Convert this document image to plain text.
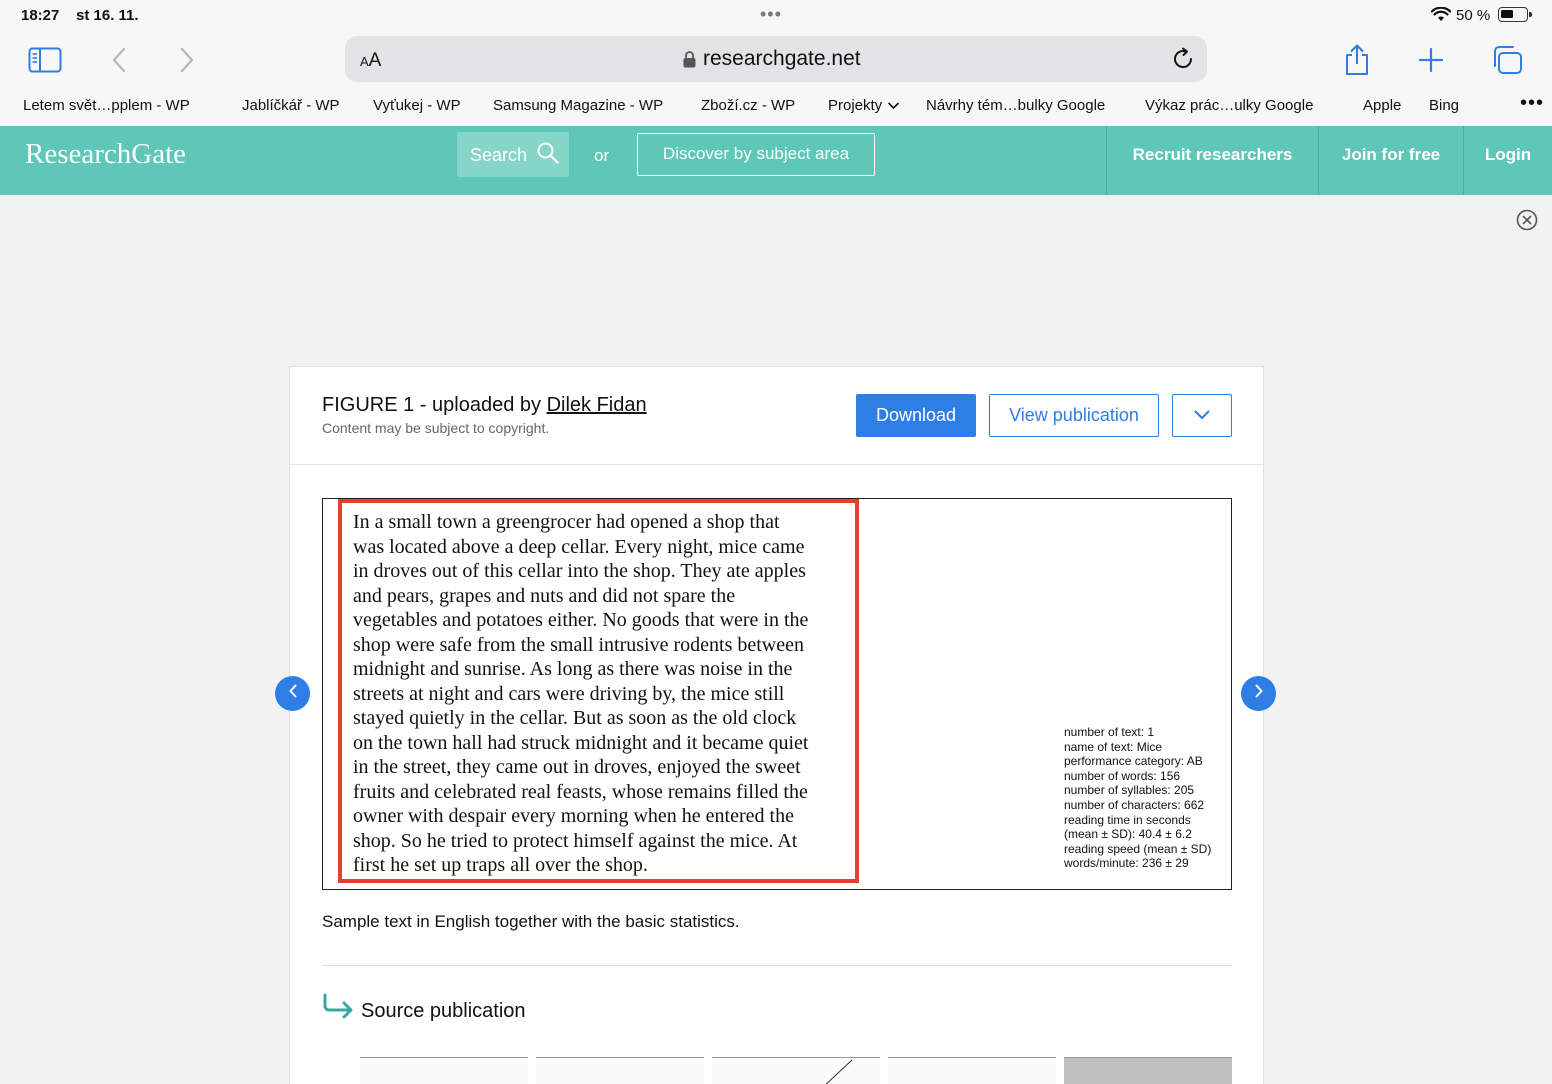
18:27 st 16. 11.	•••	50 %
AA	researchgate.net
Letem svět…pplem - WP	Jablíčkář - WP Vyťukej - WP Samsung Magazine - WP	Zboží.cz - WP Projekty	Návrhy tém…bulky Google	Výkaz prác…ulky Google	Apple Bing	•••
ResearchGate	Search	or	Discover by subject area	Recruit researchers	Join for free	Login
FIGURE 1 - uploaded by Dilek Fidan
Content may be subject to copyright.
Download	View publication
In a small town a greengrocer had opened a shop that
was located above a deep cellar. Every night, mice came
in droves out of this cellar into the shop. They ate apples
and pears, grapes and nuts and did not spare the
vegetables and potatoes either. No goods that were in the
shop were safe from the small intrusive rodents between
midnight and sunrise. As long as there was noise in the
streets at night and cars were driving by, the mice still
stayed quietly in the cellar. But as soon as the old clock
on the town hall had struck midnight and it became quiet
in the street, they came out in droves, enjoyed the sweet
fruits and celebrated real feasts, whose remains filled the
owner with despair every morning when he entered the
shop. So he tried to protect himself against the mice. At
first he set up traps all over the shop.
number of text: 1
name of text: Mice
performance category: AB
number of words: 156
number of syllables: 205
number of characters: 662
reading time in seconds
(mean ± SD): 40.4 ± 6.2
reading speed (mean ± SD)
words/minute: 236 ± 29
Sample text in English together with the basic statistics.
Source publication
